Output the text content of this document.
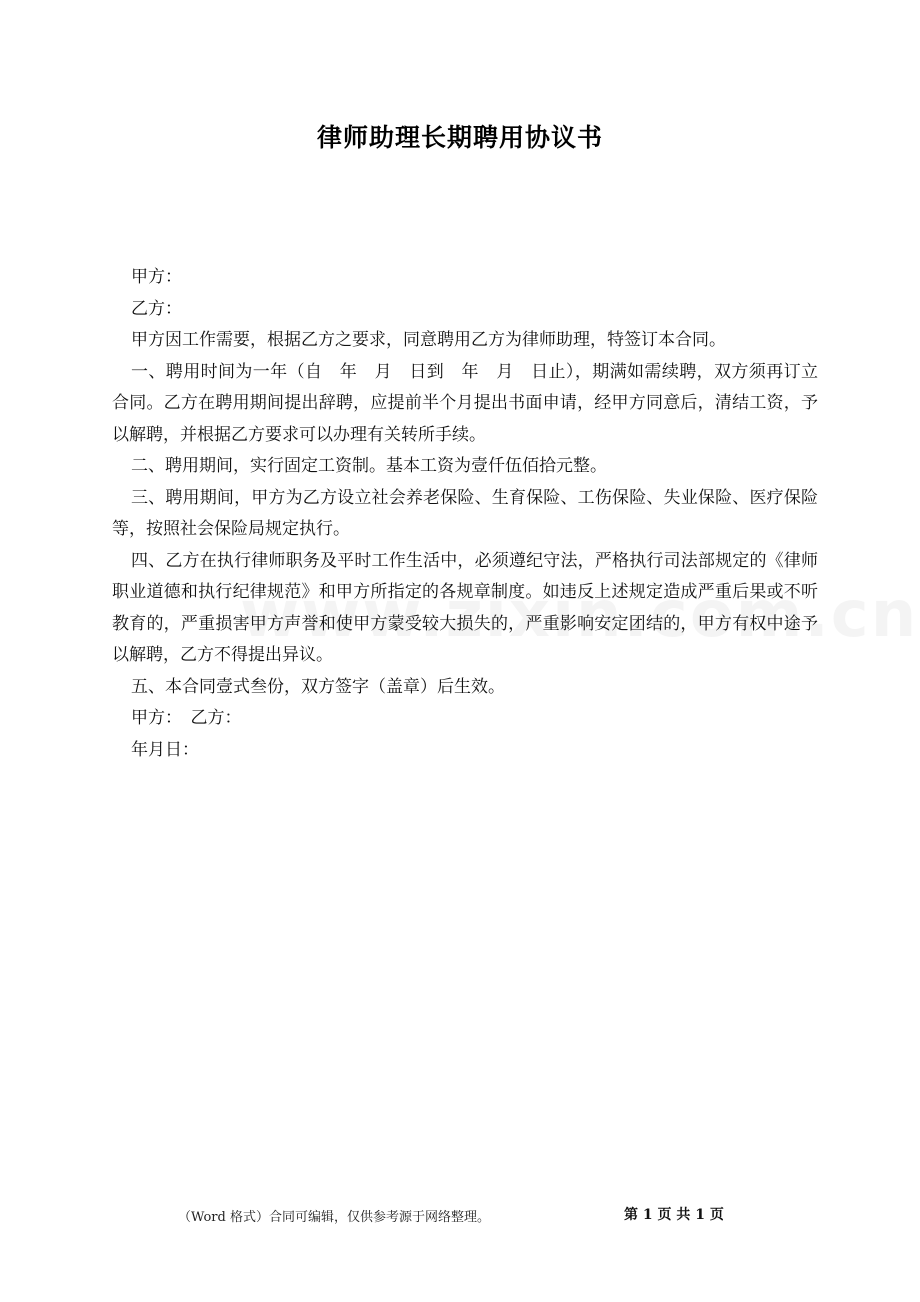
律师助理长期聘用协议书

甲方：

乙方：

甲方因工作需要，根据乙方之要求，同意聘用乙方为律师助理，特签订本合同。

一、聘用时间为一年（自　年　月　日到　年　月　日止），期满如需续聘，双方须再订立合同。乙方在聘用期间提出辞聘，应提前半个月提出书面申请，经甲方同意后，清结工资，予以解聘，并根据乙方要求可以办理有关转所手续。

二、聘用期间，实行固定工资制。基本工资为壹仟伍佰拾元整。

三、聘用期间，甲方为乙方设立社会养老保险、生育保险、工伤保险、失业保险、医疗保险等，按照社会保险局规定执行。

四、乙方在执行律师职务及平时工作生活中，必须遵纪守法，严格执行司法部规定的《律师职业道德和执行纪律规范》和甲方所指定的各规章制度。如违反上述规定造成严重后果或不听教育的，严重损害甲方声誉和使甲方蒙受较大损失的，严重影响安定团结的，甲方有权中途予以解聘，乙方不得提出异议。

五、本合同壹式叁份，双方签字（盖章）后生效。

甲方：　乙方：

年月日：

（Word 格式）合同可编辑，仅供参考源于网络整理。	第 1 页 共 1 页
